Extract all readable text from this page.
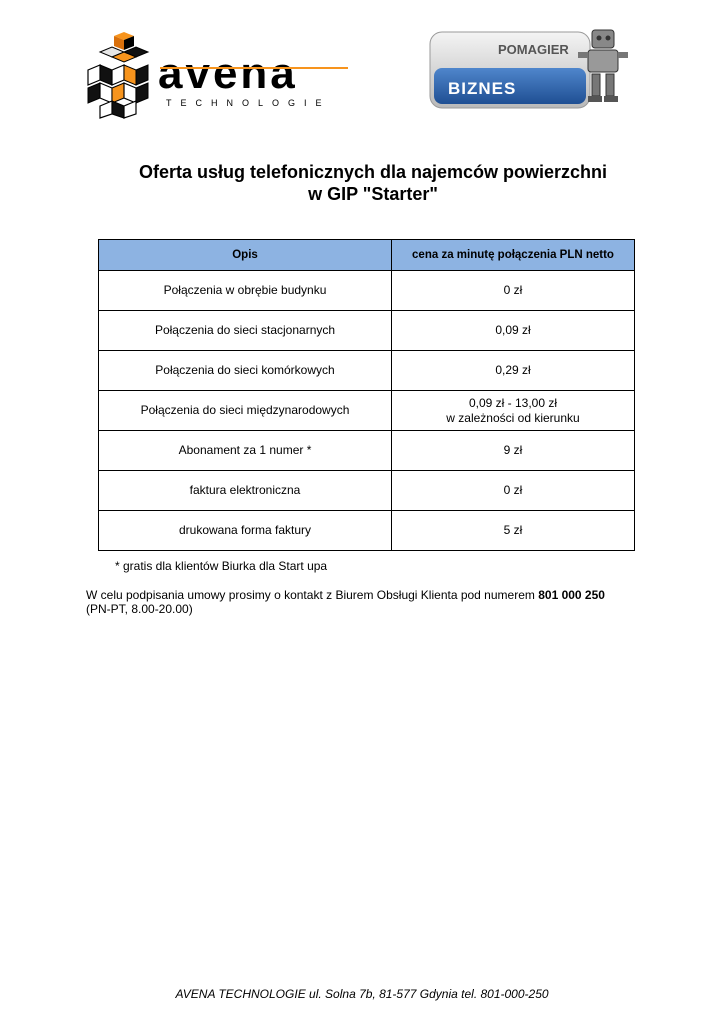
avena
TECHNOLOGIE
POMAGIER
BIZNES
Oferta usług telefonicznych dla najemców powierzchni
w GIP "Starter"
Opis	cena za minutę połączenia PLN netto
Połączenia w obrębie budynku	0 zł
Połączenia do sieci stacjonarnych	0,09 zł
Połączenia do sieci komórkowych	0,29 zł
Połączenia do sieci międzynarodowych	0,09 zł - 13,00 zł
w zależności od kierunku

Abonament za 1 numer *	9 zł
faktura elektroniczna	0 zł
drukowana forma faktury	5 zł
* gratis dla klientów Biurka dla Start upa
W celu podpisania umowy prosimy o kontakt z Biurem Obsługi Klienta pod numerem 801 000 250
(PN-PT, 8.00-20.00)
AVENA TECHNOLOGIE ul. Solna 7b, 81-577 Gdynia tel. 801-000-250
